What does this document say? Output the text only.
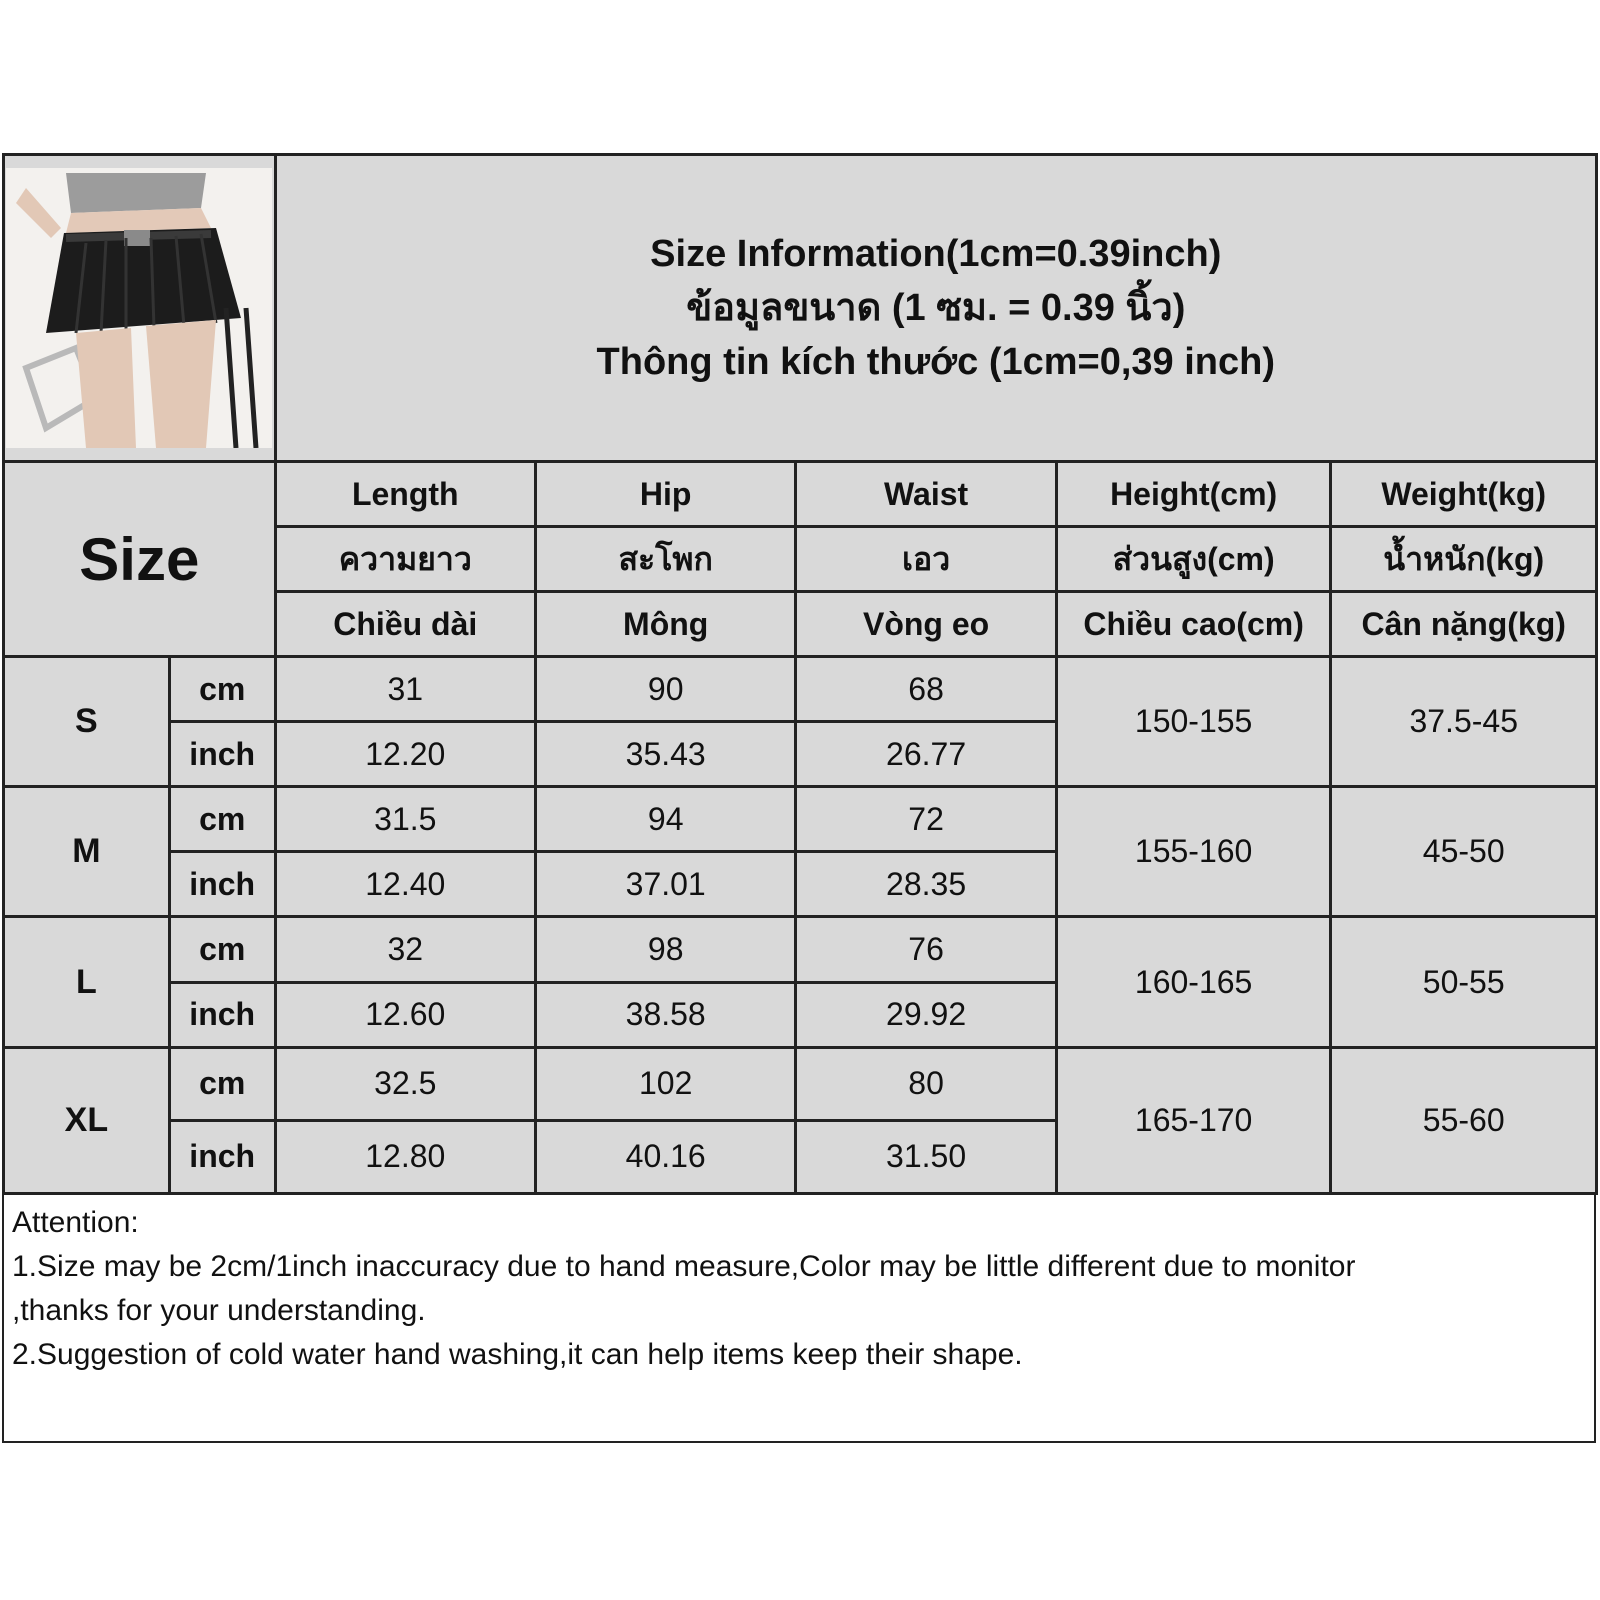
Size Information(1cm=0.39inch)
ข้อมูลขนาด (1 ซม. = 0.39 นิ้ว)
Thông tin kích thước (1cm=0,39 inch)				

Size		Length	Hip	Waist	Height(cm)	Weight(kg)
		ความยาว	สะโพก	เอว	ส่วนสูง(cm)	น้ำหนัก(kg)
		Chiều dài	Mông	Vòng eo	Chiều cao(cm)	Cân nặng(kg)
S	cm	31	90	68	150-155	37.5-45
	inch	12.20	35.43	26.77		
M	cm	31.5	94	72	155-160	45-50
	inch	12.40	37.01	28.35		
L	cm	32	98	76	160-165	50-55
	inch	12.60	38.58	29.92		
XL	cm	32.5	102	80	165-170	55-60
	inch	12.80	40.16	31.50		
Attention:
1.Size may be 2cm/1inch inaccuracy due to hand measure,Color may be little different due to monitor
,thanks for your understanding.
2.Suggestion of cold water hand washing,it can help items keep their shape.
